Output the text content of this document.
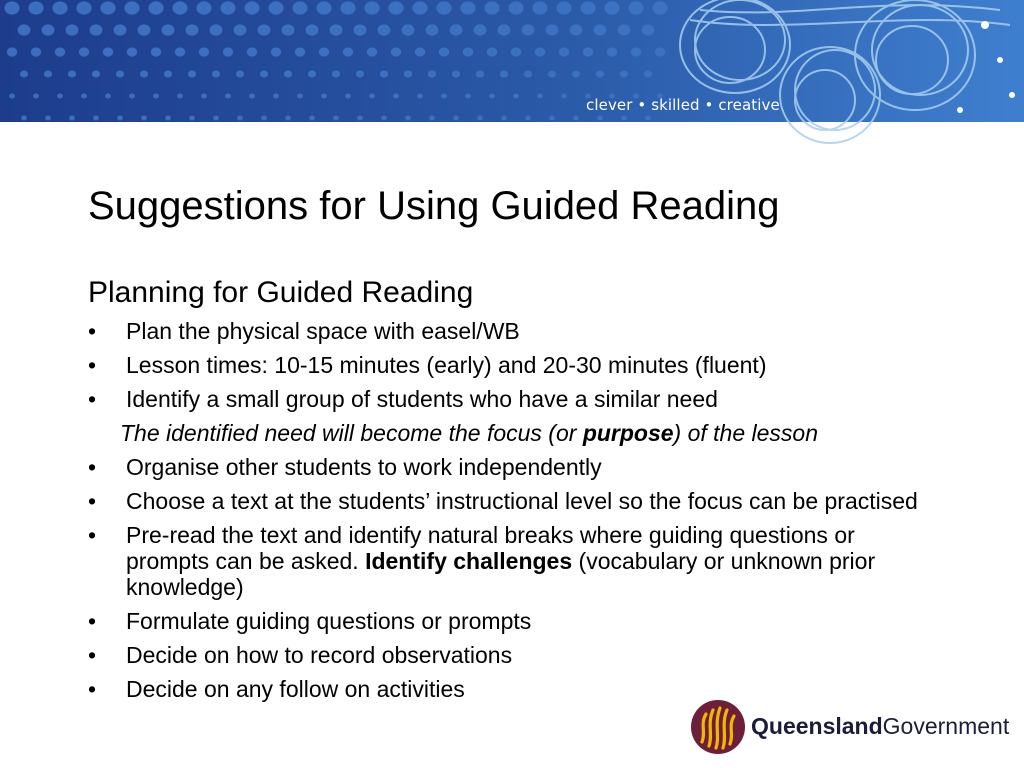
clever • skilled • creative
Suggestions for Using Guided Reading
Planning for Guided Reading
•	Plan the physical space with easel/WB
•	Lesson times: 10-15 minutes (early) and 20-30 minutes (fluent)
•	Identify a small group of students who have a similar need
The identified need will become the focus (or purpose) of the lesson
•	Organise other students to work independently
•	Choose a text at the students’ instructional level so the focus can be practised
•	Pre-read the text and identify natural breaks where guiding questions or prompts can be asked. Identify challenges (vocabulary or unknown prior knowledge)
•	Formulate guiding questions or prompts
•	Decide on how to record observations
•	Decide on any follow on activities
QueenslandGovernment
